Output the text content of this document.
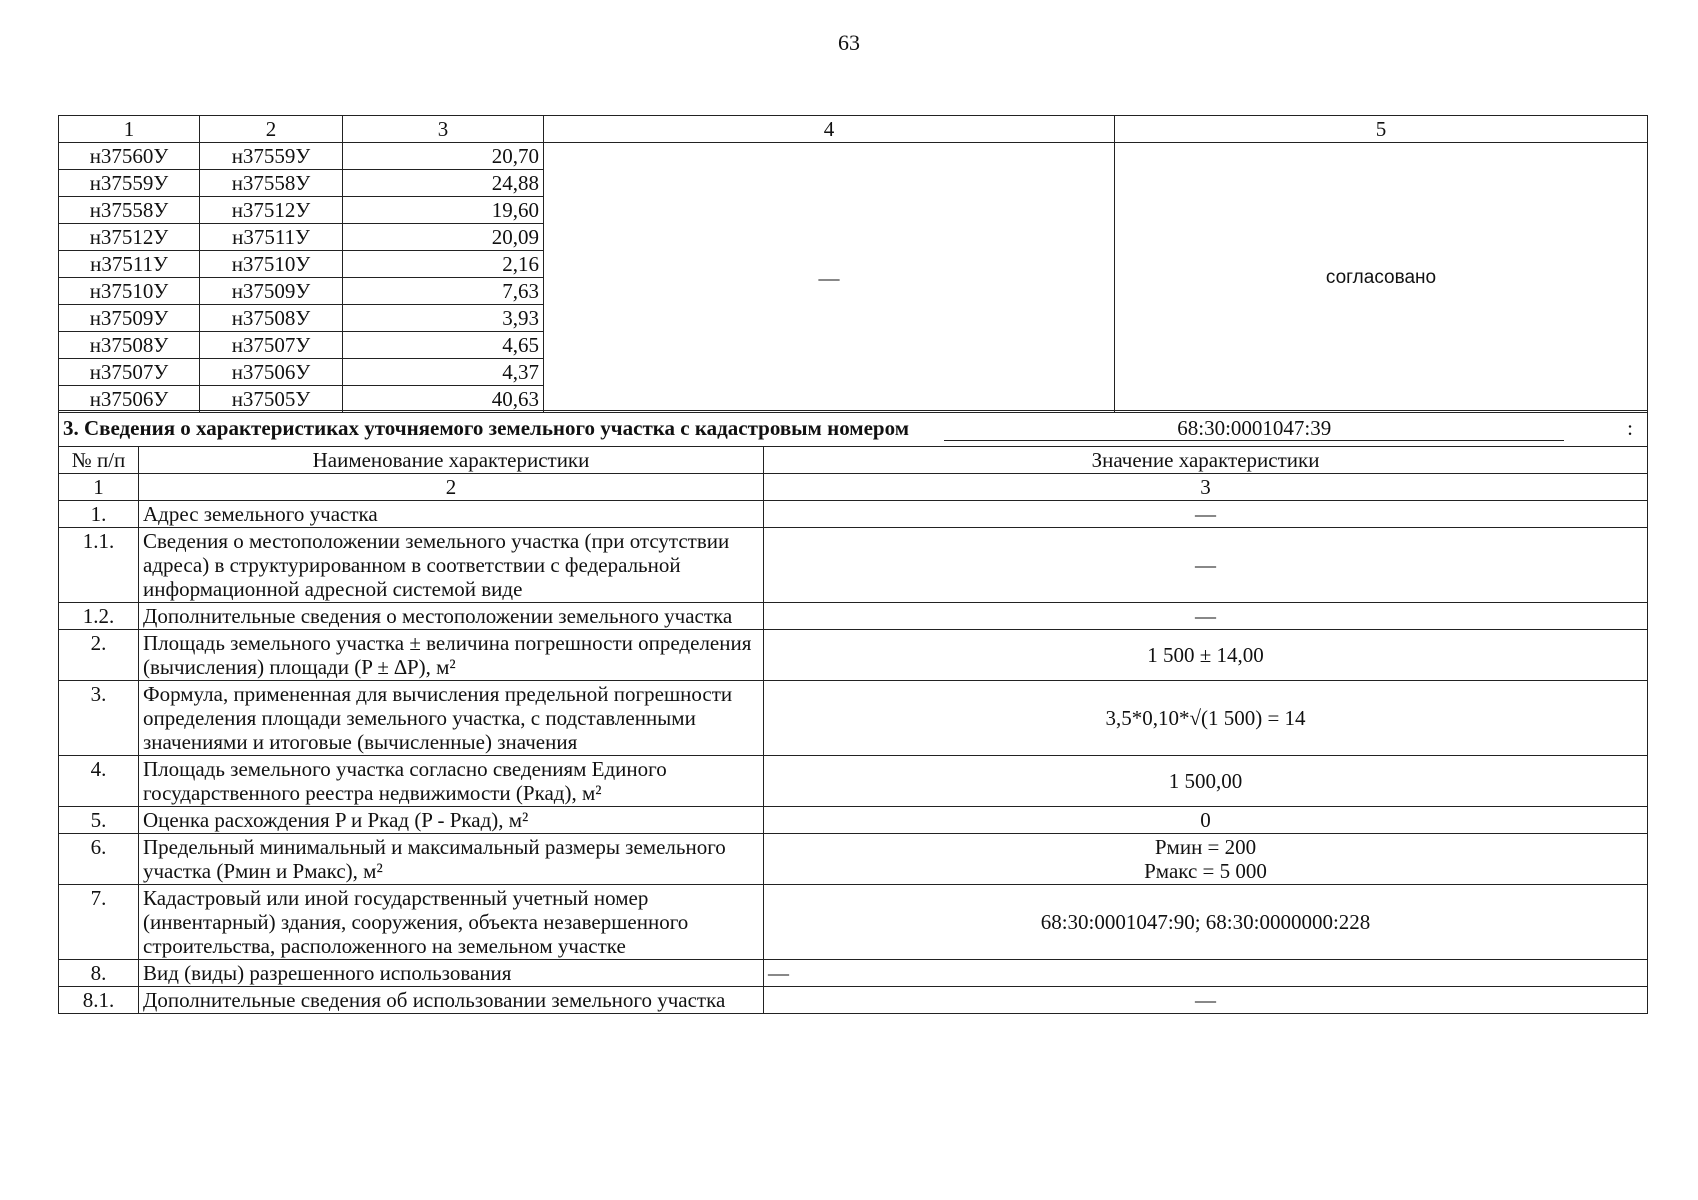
63
1	2	3	4	5
н37560У	н37559У	20,70	—	согласовано
н37559У	н37558У	24,88		
н37558У	н37512У	19,60		
н37512У	н37511У	20,09		
н37511У	н37510У	2,16		
н37510У	н37509У	7,63		
н37509У	н37508У	3,93		
н37508У	н37507У	4,65		
н37507У	н37506У	4,37		
н37506У	н37505У	40,63		
3. Сведения о характеристиках уточняемого земельного участка с кадастровым номером 68:30:0001047:39 :		

№ п/п	Наименование характеристики	Значение характеристики
1	2	3
1.	Адрес земельного участка	—
1.1.	Сведения о местоположении земельного участка (при отсутствии адреса) в структурированном в соответствии с федеральной информационной адресной системой виде	—
1.2.	Дополнительные сведения о местоположении земельного участка	—
2.	Площадь земельного участка ± величина погрешности определения (вычисления) площади (P ± ∆P), м²	1 500 ± 14,00
3.	Формула, примененная для вычисления предельной погрешности определения площади земельного участка, с подставленными значениями и итоговые (вычисленные) значения	3,5*0,10*√(1 500) = 14
4.	Площадь земельного участка согласно сведениям Единого государственного реестра недвижимости (Pкад), м²	1 500,00
5.	Оценка расхождения P и Pкад (P - Pкад), м²	0
6.	Предельный минимальный и максимальный размеры земельного участка (Pмин и Pмакс), м²	Pмин = 200
Pмакс = 5 000

7.	Кадастровый или иной государственный учетный номер (инвентарный) здания, сооружения, объекта незавершенного строительства, расположенного на земельном участке	68:30:0001047:90; 68:30:0000000:228
8.	Вид (виды) разрешенного использования	—
8.1.	Дополнительные сведения об использовании земельного участка	—
